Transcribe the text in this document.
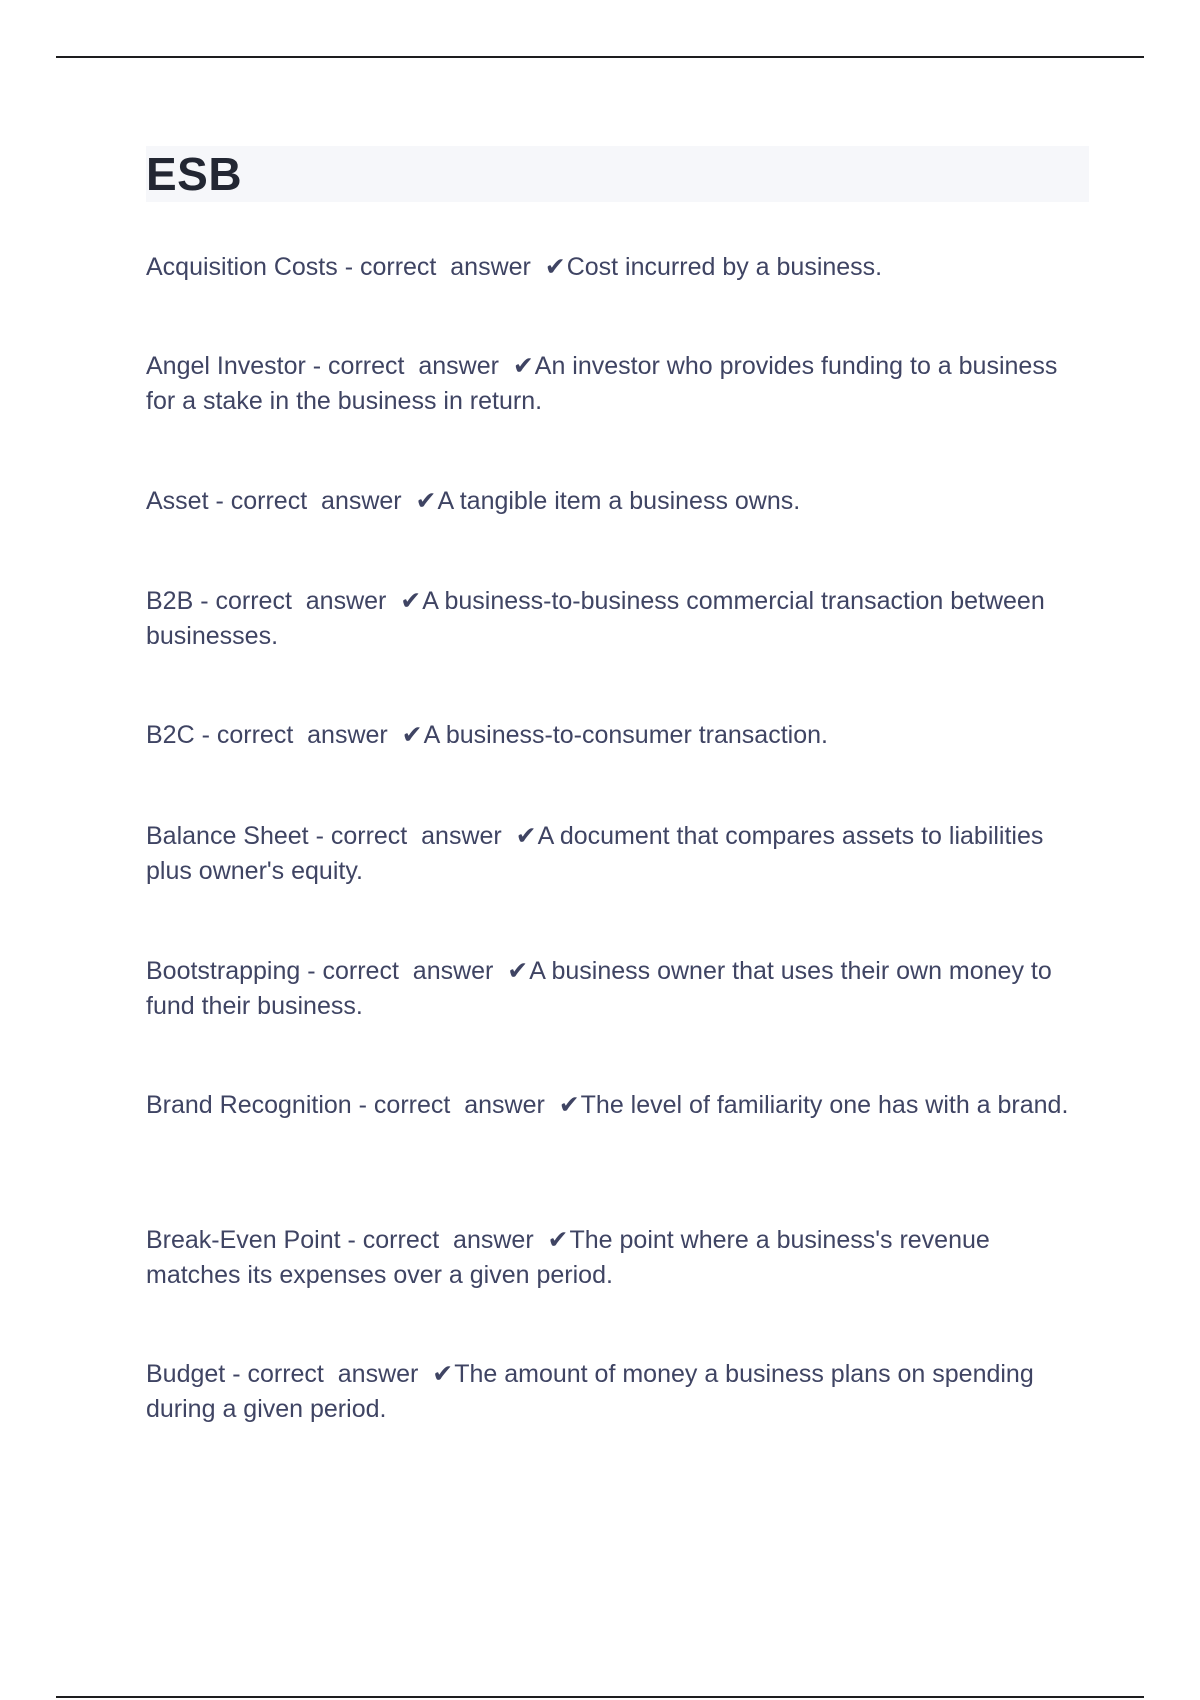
ESB

Acquisition Costs - correct  answer  ✔Cost incurred by a business.

Angel Investor - correct  answer  ✔An investor who provides funding to a business for a stake in the business in return.

Asset - correct  answer  ✔A tangible item a business owns.

B2B - correct  answer  ✔A business-to-business commercial transaction between businesses.

B2C - correct  answer  ✔A business-to-consumer transaction.

Balance Sheet - correct  answer  ✔A document that compares assets to liabilities plus owner's equity.

Bootstrapping - correct  answer  ✔A business owner that uses their own money to fund their business.

Brand Recognition - correct  answer  ✔The level of familiarity one has with a brand.

Break-Even Point - correct  answer  ✔The point where a business's revenue matches its expenses over a given period.

Budget - correct  answer  ✔The amount of money a business plans on spending during a given period.
